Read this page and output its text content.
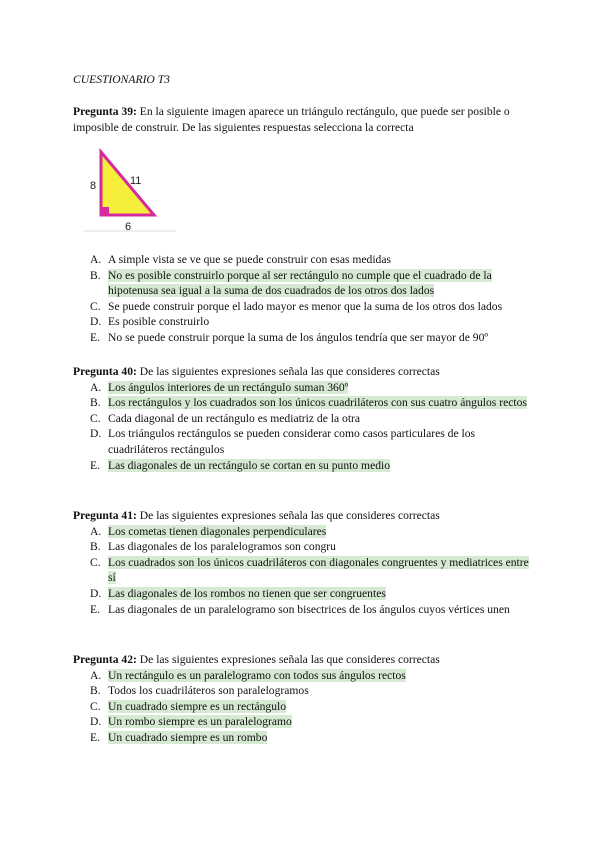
CUESTIONARIO T3
Pregunta 39: En la siguiente imagen aparece un triángulo rectángulo, que puede ser posible o imposible de construir. De las siguientes respuestas selecciona la correcta
8	11
6
A. A simple vista se ve que se puede construir con esas medidas
B. No es posible construirlo porque al ser rectángulo no cumple que el cuadrado de la hipotenusa sea igual a la suma de dos cuadrados de los otros dos lados
C. Se puede construir porque el lado mayor es menor que la suma de los otros dos lados
D. Es posible construirlo
E. No se puede construir porque la suma de los ángulos tendría que ser mayor de 90º
Pregunta 40: De las siguientes expresiones señala las que consideres correctas
A. Los ángulos interiores de un rectángulo suman 360º
B. Los rectángulos y los cuadrados son los únicos cuadriláteros con sus cuatro ángulos rectos
C. Cada diagonal de un rectángulo es mediatriz de la otra
D. Los triángulos rectángulos se pueden considerar como casos particulares de los cuadriláteros rectángulos
E. Las diagonales de un rectángulo se cortan en su punto medio
Pregunta 41: De las siguientes expresiones señala las que consideres correctas
A. Los cometas tienen diagonales perpendiculares
B. Las diagonales de los paralelogramos son congru
C. Los cuadrados son los únicos cuadriláteros con diagonales congruentes y mediatrices entre sí
D. Las diagonales de los rombos no tienen que ser congruentes
E. Las diagonales de un paralelogramo son bisectrices de los ángulos cuyos vértices unen
Pregunta 42: De las siguientes expresiones señala las que consideres correctas
A. Un rectángulo es un paralelogramo con todos sus ángulos rectos
B. Todos los cuadriláteros son paralelogramos
C. Un cuadrado siempre es un rectángulo
D. Un rombo siempre es un paralelogramo
E. Un cuadrado siempre es un rombo
